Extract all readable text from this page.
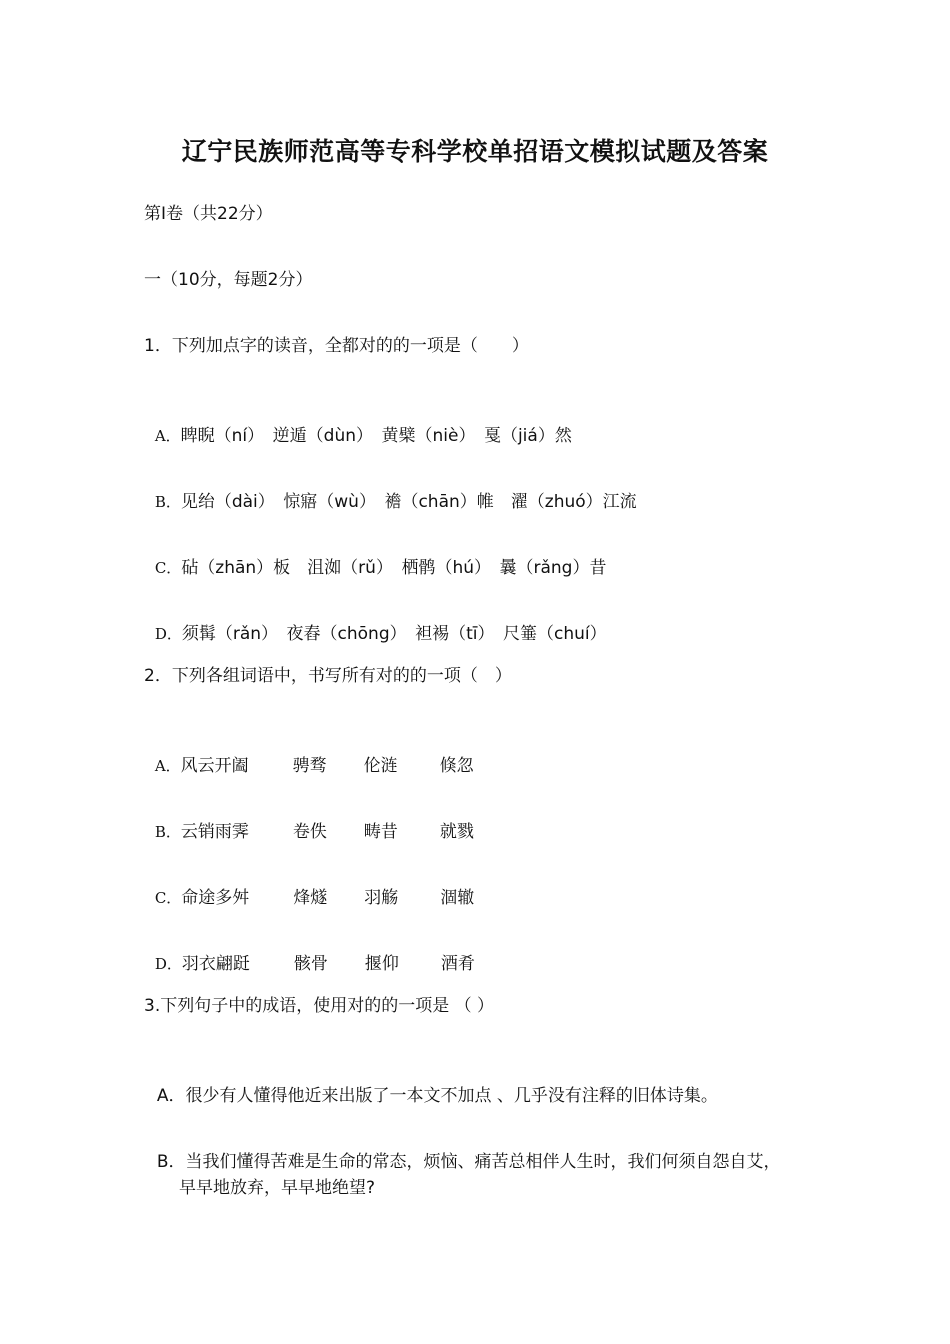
辽宁民族师范高等专科学校单招语文模拟试题及答案
第Ⅰ卷（共22分）
一（10分，每题2分）
1．下列加点字的读音，全都对的的一项是（　　）

A．睥睨（ní）　逆遁（dùn）　黄檗（niè）　戛（jiá）然

B．见绐（dài）　惊寤（wù）　襜（chān）帷　濯（zhuó）江流

C．砧（zhān）板　沮洳（rǔ）　栖鹘（hú）　曩（rǎng）昔

D．须髯（rǎn）　夜舂（chōng）　袒裼（tī）　尺箠（chuí）

2．下列各组词语中，书写所有对的的一项（　）

A．风云开阖	骋骛 伦涟 倏忽

B．云销雨霁	卷佚 畴昔 就戮

C．命途多舛	烽燧 羽觞 涸辙

D．羽衣翩跹	骸骨 揠仰 酒肴

3.下列句子中的成语，使用对的的一项是 （ ）

A．很少有人懂得他近来出版了一本文不加点 、几乎没有注释的旧体诗集。

B．当我们懂得苦难是生命的常态，烦恼、痛苦总相伴人生时，我们何须自怨自艾，

早早地放弃，早早地绝望?
